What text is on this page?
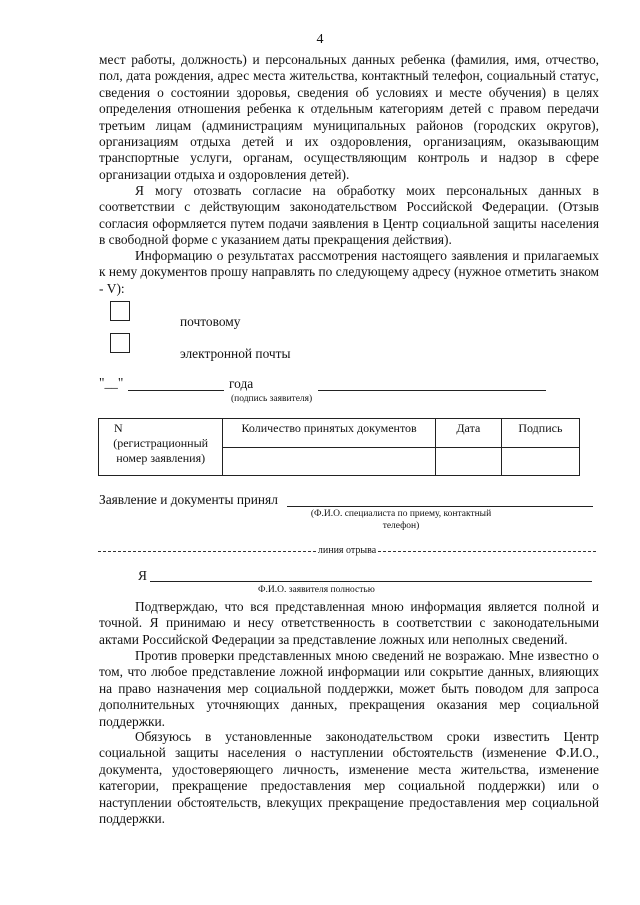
4
мест работы, должность) и персональных данных ребенка (фамилия, имя, отчество, пол, дата рождения, адрес места жительства, контактный телефон, социальный статус, сведения о состоянии здоровья, сведения об условиях и месте обучения) в целях определения отношения ребенка к отдельным категориям детей с правом передачи третьим лицам (администрациям муниципальных районов (городских округов), организациям отдыха детей и их оздоровления, организациям, оказывающим транспортные услуги, органам, осуществляющим контроль и надзор в сфере организации отдыха и оздоровления детей).
Я могу отозвать согласие на обработку моих персональных данных в соответствии с действующим законодательством Российской Федерации. (Отзыв согласия оформляется путем подачи заявления в Центр социальной защиты населения в свободной форме с указанием даты прекращения действия).
Информацию о результатах рассмотрения настоящего заявления и прилагаемых к нему документов прошу направлять по следующему адресу (нужное отметить знаком - V):
почтовому
электронной почты
"__"	года
(подпись заявителя)
N
(регистрационный номер заявления)	Количество принятых документов	Дата	Подпись

Заявление и документы принял
(Ф.И.О. специалиста по приему, контактный телефон)
линия отрыва
Я
Ф.И.О. заявителя полностью
Подтверждаю, что вся представленная мною информация является полной и точной. Я принимаю и несу ответственность в соответствии с законодательными актами Российской Федерации за представление ложных или неполных сведений.
Против проверки представленных мною сведений не возражаю. Мне известно о том, что любое представление ложной информации или сокрытие данных, влияющих на право назначения мер социальной поддержки, может быть поводом для запроса дополнительных уточняющих данных, прекращения оказания мер социальной поддержки.
Обязуюсь в установленные законодательством сроки известить Центр социальной защиты населения о наступлении обстоятельств (изменение Ф.И.О., документа, удостоверяющего личность, изменение места жительства, изменение категории, прекращение предоставления мер социальной поддержки) или о наступлении обстоятельств, влекущих прекращение предоставления мер социальной поддержки.
